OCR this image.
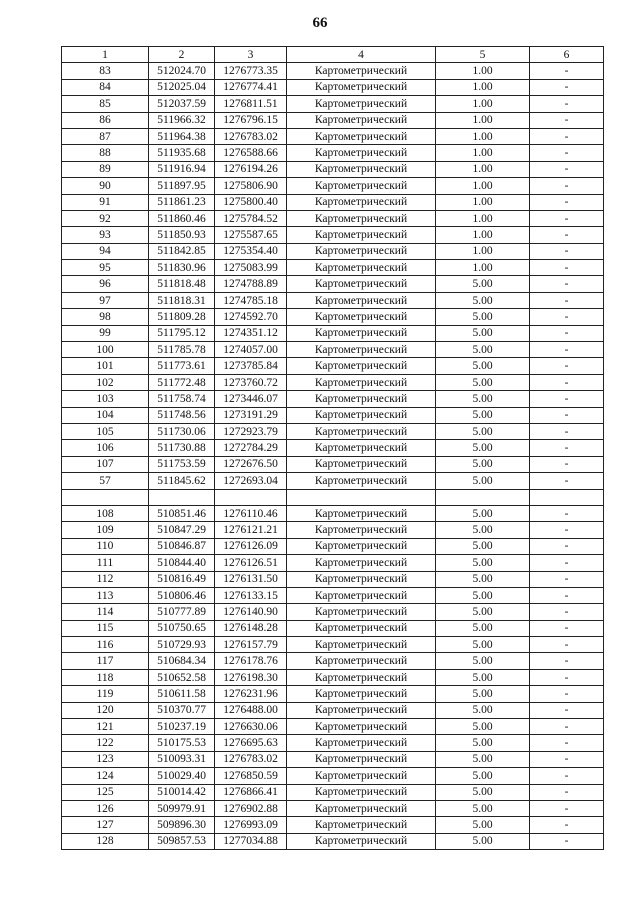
66
1	2	3	4	5	6
83	512024.70	1276773.35	Картометрический	1.00	-
84	512025.04	1276774.41	Картометрический	1.00	-
85	512037.59	1276811.51	Картометрический	1.00	-
86	511966.32	1276796.15	Картометрический	1.00	-
87	511964.38	1276783.02	Картометрический	1.00	-
88	511935.68	1276588.66	Картометрический	1.00	-
89	511916.94	1276194.26	Картометрический	1.00	-
90	511897.95	1275806.90	Картометрический	1.00	-
91	511861.23	1275800.40	Картометрический	1.00	-
92	511860.46	1275784.52	Картометрический	1.00	-
93	511850.93	1275587.65	Картометрический	1.00	-
94	511842.85	1275354.40	Картометрический	1.00	-
95	511830.96	1275083.99	Картометрический	1.00	-
96	511818.48	1274788.89	Картометрический	5.00	-
97	511818.31	1274785.18	Картометрический	5.00	-
98	511809.28	1274592.70	Картометрический	5.00	-
99	511795.12	1274351.12	Картометрический	5.00	-
100	511785.78	1274057.00	Картометрический	5.00	-
101	511773.61	1273785.84	Картометрический	5.00	-
102	511772.48	1273760.72	Картометрический	5.00	-
103	511758.74	1273446.07	Картометрический	5.00	-
104	511748.56	1273191.29	Картометрический	5.00	-
105	511730.06	1272923.79	Картометрический	5.00	-
106	511730.88	1272784.29	Картометрический	5.00	-
107	511753.59	1272676.50	Картометрический	5.00	-
57	511845.62	1272693.04	Картометрический	5.00	-

108	510851.46	1276110.46	Картометрический	5.00	-
109	510847.29	1276121.21	Картометрический	5.00	-
110	510846.87	1276126.09	Картометрический	5.00	-
111	510844.40	1276126.51	Картометрический	5.00	-
112	510816.49	1276131.50	Картометрический	5.00	-
113	510806.46	1276133.15	Картометрический	5.00	-
114	510777.89	1276140.90	Картометрический	5.00	-
115	510750.65	1276148.28	Картометрический	5.00	-
116	510729.93	1276157.79	Картометрический	5.00	-
117	510684.34	1276178.76	Картометрический	5.00	-
118	510652.58	1276198.30	Картометрический	5.00	-
119	510611.58	1276231.96	Картометрический	5.00	-
120	510370.77	1276488.00	Картометрический	5.00	-
121	510237.19	1276630.06	Картометрический	5.00	-
122	510175.53	1276695.63	Картометрический	5.00	-
123	510093.31	1276783.02	Картометрический	5.00	-
124	510029.40	1276850.59	Картометрический	5.00	-
125	510014.42	1276866.41	Картометрический	5.00	-
126	509979.91	1276902.88	Картометрический	5.00	-
127	509896.30	1276993.09	Картометрический	5.00	-
128	509857.53	1277034.88	Картометрический	5.00	-
